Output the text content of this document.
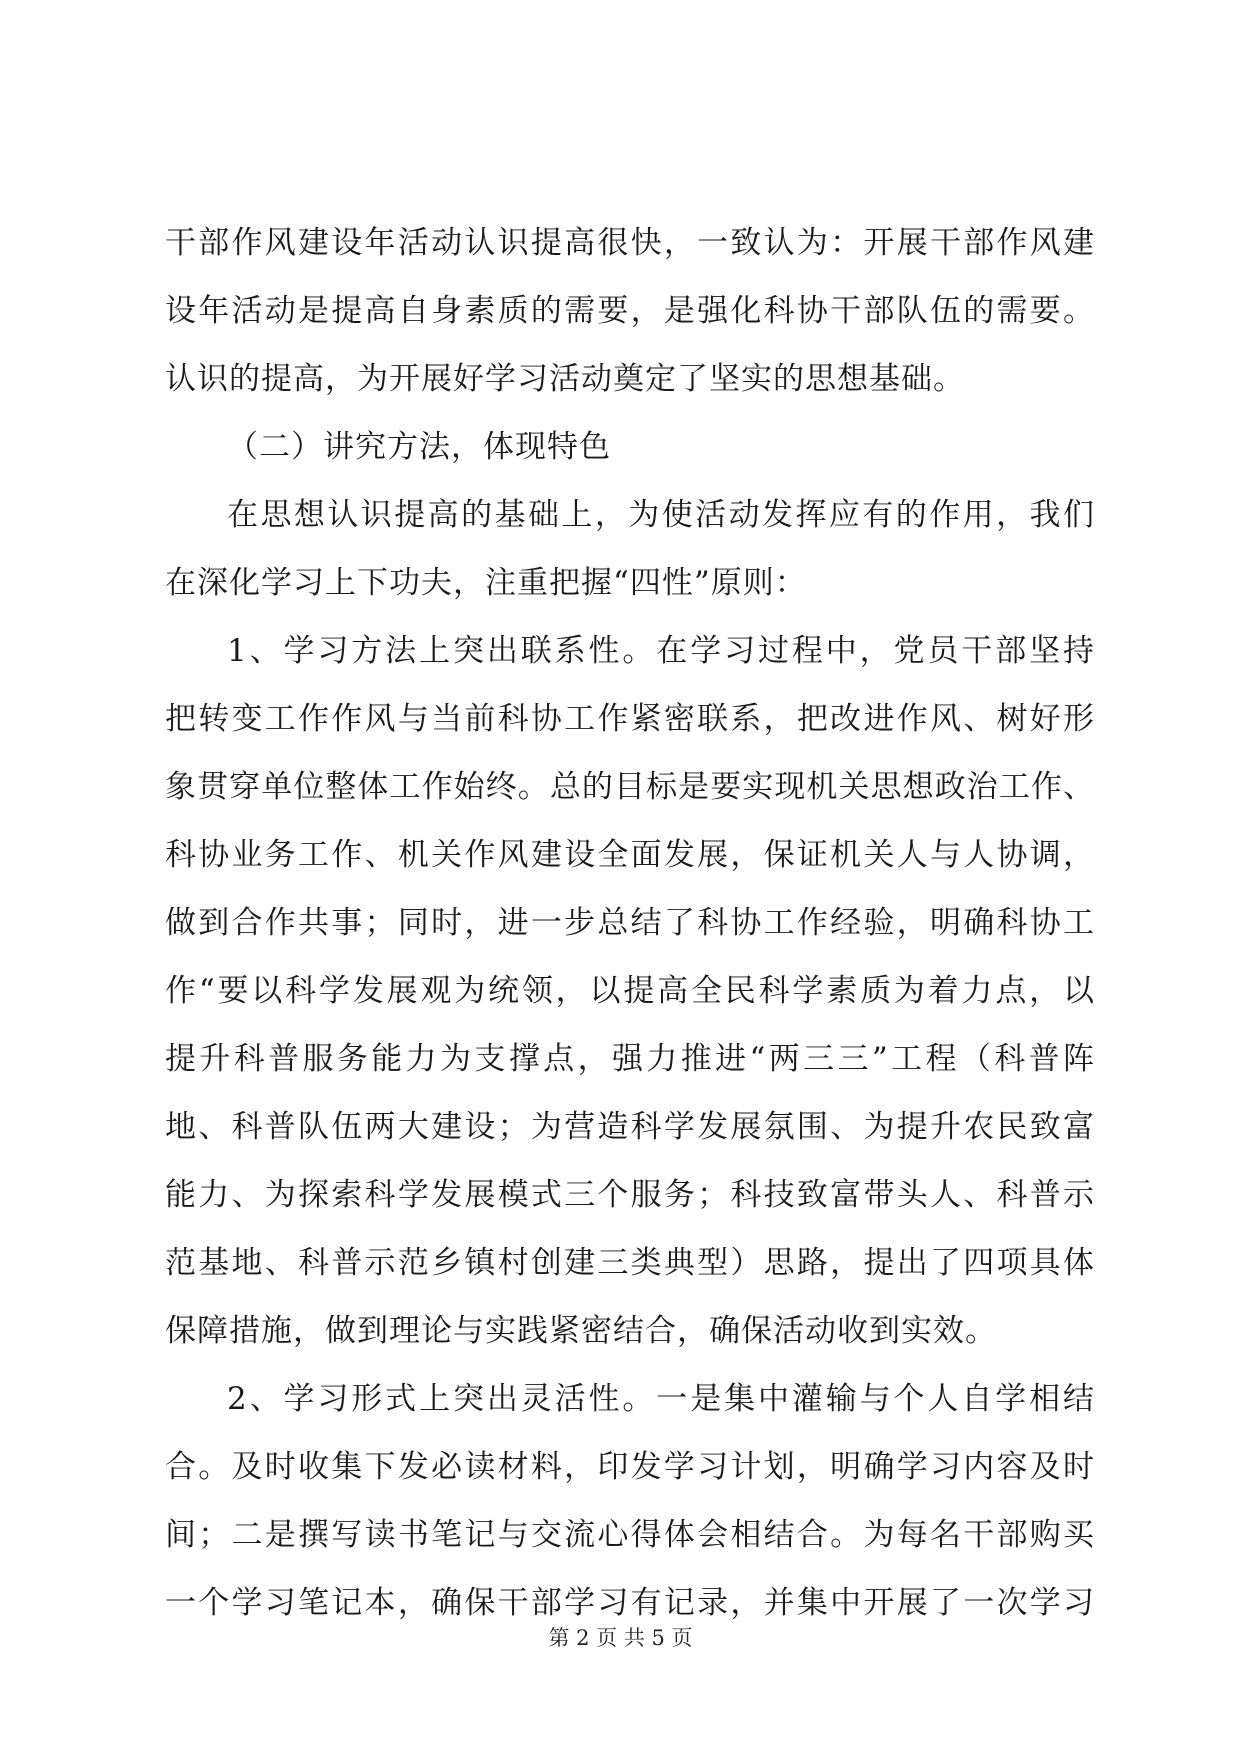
干部作风建设年活动认识提高很快，一致认为：开展干部作风建
设年活动是提高自身素质的需要，是强化科协干部队伍的需要。
认识的提高，为开展好学习活动奠定了坚实的思想基础。
（二）讲究方法，体现特色
在思想认识提高的基础上，为使活动发挥应有的作用，我们
在深化学习上下功夫，注重把握“四性”原则：
1、学习方法上突出联系性。在学习过程中，党员干部坚持
把转变工作作风与当前科协工作紧密联系，把改进作风、树好形
象贯穿单位整体工作始终。总的目标是要实现机关思想政治工作、
科协业务工作、机关作风建设全面发展，保证机关人与人协调，
做到合作共事；同时，进一步总结了科协工作经验，明确科协工
作“要以科学发展观为统领，以提高全民科学素质为着力点，以
提升科普服务能力为支撑点，强力推进“两三三”工程（科普阵
地、科普队伍两大建设；为营造科学发展氛围、为提升农民致富
能力、为探索科学发展模式三个服务；科技致富带头人、科普示
范基地、科普示范乡镇村创建三类典型）思路，提出了四项具体
保障措施，做到理论与实践紧密结合，确保活动收到实效。
2、学习形式上突出灵活性。一是集中灌输与个人自学相结
合。及时收集下发必读材料，印发学习计划，明确学习内容及时
间；二是撰写读书笔记与交流心得体会相结合。为每名干部购买
一个学习笔记本，确保干部学习有记录，并集中开展了一次学习
第 2 页 共 5 页
